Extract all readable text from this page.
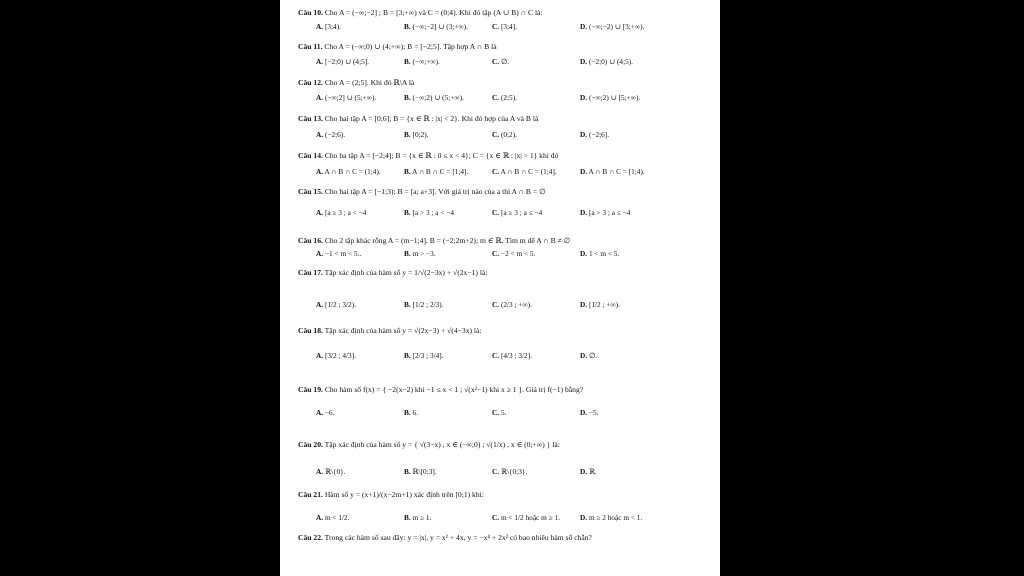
Câu 10. Cho A = (−∞;−2] ; B = [3;+∞) và C = (0;4). Khi đó tập (A ∪ B) ∩ C là:
A. [3;4).	B. (−∞;−2] ∪ (3;+∞).	C. [3;4].	D. (−∞;−2) ∪ [3;+∞).
Câu 11. Cho A = (−∞;0) ∪ (4;+∞); B = [−2;5]. Tập hợp A ∩ B là
A. [−2;0) ∪ (4;5].	B. (−∞;+∞).	C. ∅.	D. (−2;0) ∪ (4;5).
Câu 12. Cho A = (2;5]. Khi đó ℝ\A là
A. (−∞;2] ∪ (5;+∞).	B. (−∞;2) ∪ (5;+∞).	C. (2;5).	D. (−∞;2) ∪ [5;+∞).
Câu 13. Cho hai tập A = [0;6]; B = {x ∈ ℝ : |x| < 2}. Khi đó hợp của A và B là
A. (−2;6).	B. [0;2).	C. (0;2).	D. (−2;6].
Câu 14. Cho ba tập A = [−2;4]; B = {x ∈ ℝ : 0 ≤ x < 4}; C = {x ∈ ℝ : |x| > 1} khi đó
A. A ∩ B ∩ C = (1;4).	B. A ∩ B ∩ C = [1;4].	C. A ∩ B ∩ C = (1;4].	D. A ∩ B ∩ C = [1;4).
Câu 15. Cho hai tập A = [−1;3); B = [a; a+3]. Với giá trị nào của a thì A ∩ B = ∅
A. [a ≥ 3 ; a < −4	B. [a > 3 ; a < −4	C. [a ≥ 3 ; a ≤ −4	D. [a > 3 ; a ≤ −4
Câu 16. Cho 2 tập khác rỗng A = (m−1;4], B = (−2;2m+2); m ∈ ℝ. Tìm m để A ∩ B ≠ ∅
A. −1 < m < 5..	B. m > −3.	C. −2 < m < 5.	D. 1 < m < 5.
Câu 17. Tập xác định của hàm số y = 1/√(2−3x) + √(2x−1) là:
A. [1/2 ; 3/2).	B. [1/2 ; 2/3).	C. (2/3 ; +∞).	D. [1/2 ; +∞).
Câu 18. Tập xác định của hàm số y = √(2x−3) + √(4−3x) là:
A. [3/2 ; 4/3].	B. [2/3 ; 3/4].	C. [4/3 ; 3/2].	D. ∅.
Câu 19. Cho hàm số f(x) = { −2(x−2) khi −1 ≤ x < 1 ; √(x²−1) khi x ≥ 1 }. Giá trị f(−1) bằng?
A. −6.	B. 6.	C. 5.	D. −5.
Câu 20. Tập xác định của hàm số y = { √(3−x) , x ∈ (−∞;0) ; √(1/x) , x ∈ (0;+∞) } là:
A. ℝ\{0}.	B. ℝ\[0;3].	C. ℝ\{0;3}.	D. ℝ.
Câu 21. Hàm số y = (x+1)/(x−2m+1) xác định trên [0;1) khi:
A. m < 1/2.	B. m ≥ 1.	C. m < 1/2 hoặc m ≥ 1.	D. m ≥ 2 hoặc m < 1.
Câu 22. Trong các hàm số sau đây: y = |x|, y = x² + 4x, y = −x⁴ + 2x² có bao nhiêu hàm số chẵn?
